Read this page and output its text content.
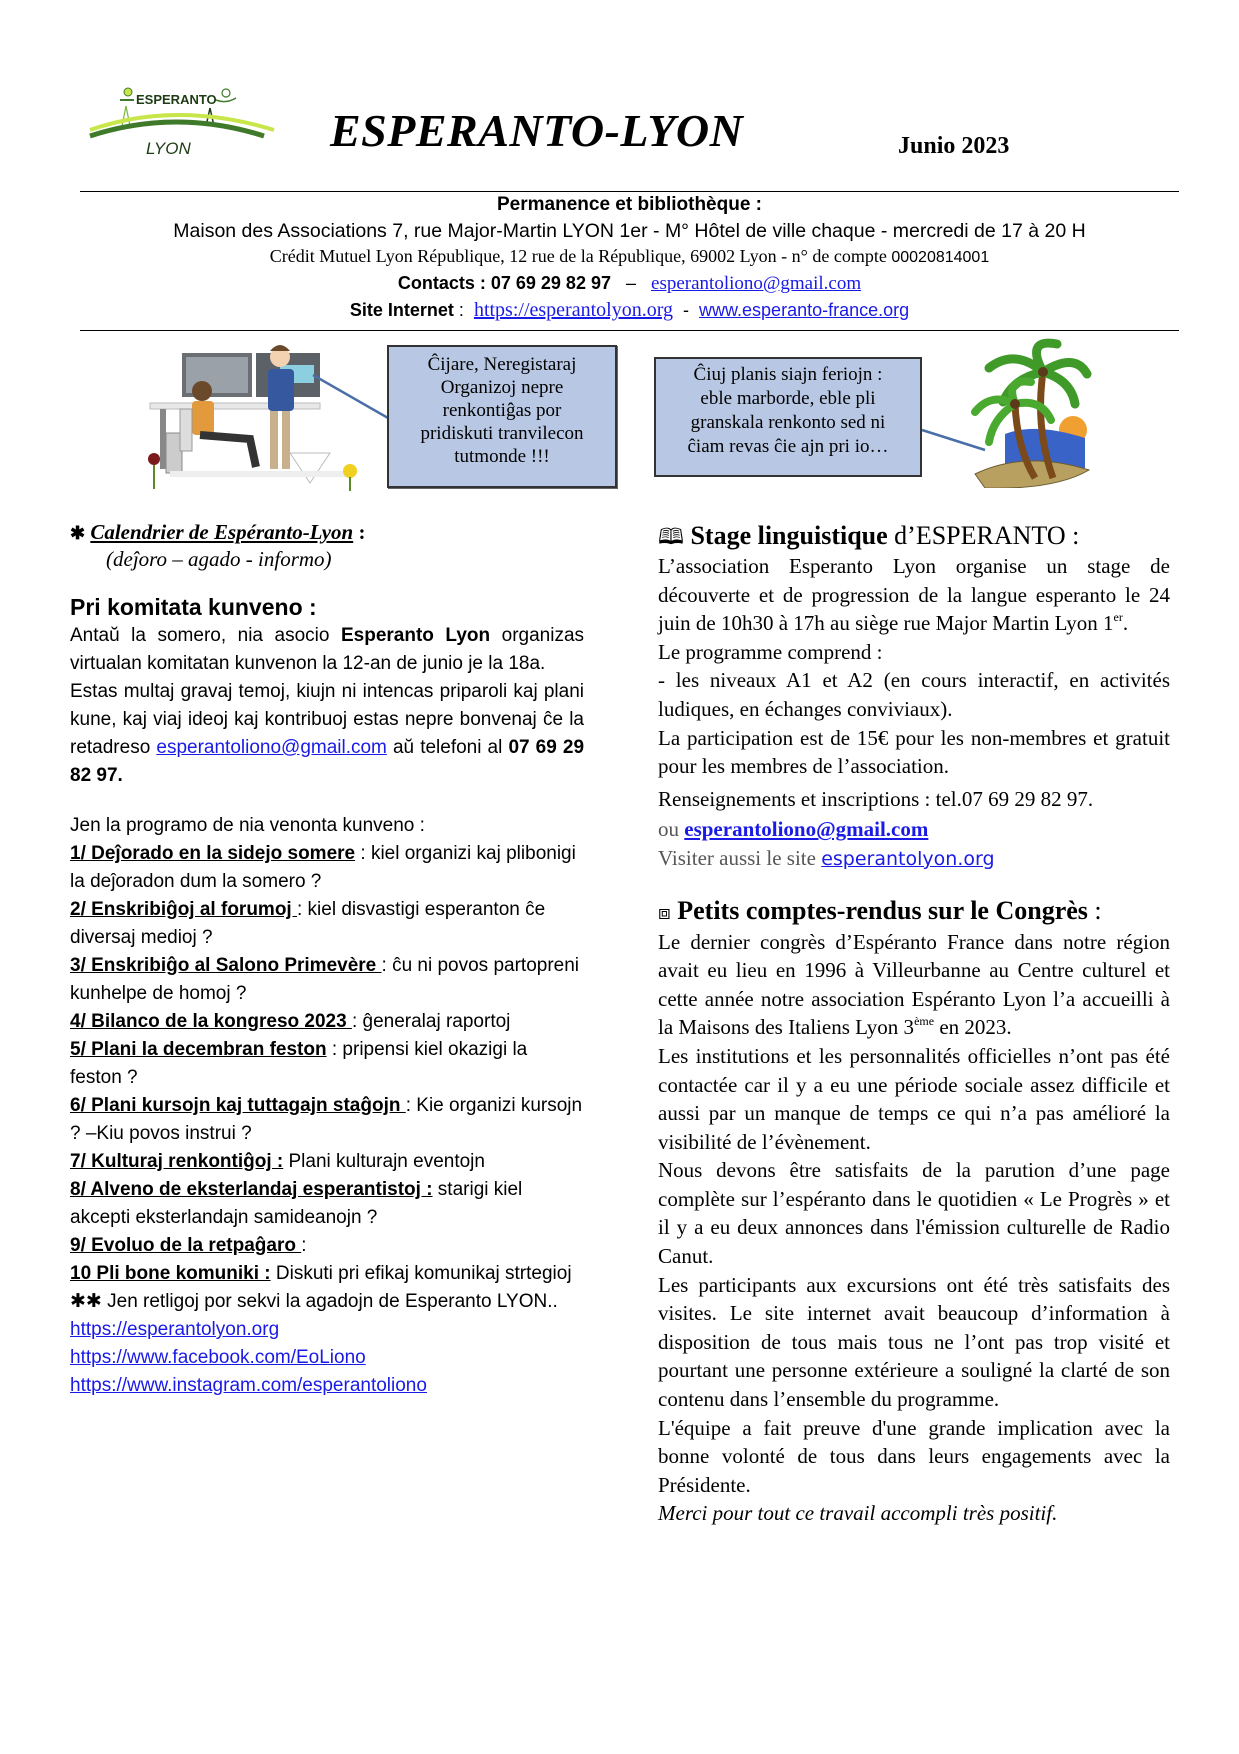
ESPERANTO
LYON	ESPERANTO-LYON	Junio 2023
Permanence et bibliothèque :
Maison des Associations 7, rue Major-Martin LYON 1er - M° Hôtel de ville chaque - mercredi de 17 à 20 H
Crédit Mutuel Lyon République, 12 rue de la République, 69002 Lyon - n° de compte 00020814001
Contacts : 07 69 29 82 97 – esperantoliono@gmail.com
Site Internet : https://esperantolyon.org - www.esperanto-france.org
Ĉijare, Neregistaraj
Organizoj nepre
renkontiĝas por
pridiskuti tranvilecon
tutmonde !!!
Ĉiuj planis siajn feriojn :
eble marborde, eble pli
granskala renkonto sed ni
ĉiam revas ĉie ajn pri io…
✱ Calendrier de Espéranto-Lyon :
(deĵoro – agado - informo)
Pri komitata kunveno :

Antaŭ la somero, nia asocio Esperanto Lyon organizas virtualan komitatan kunvenon la 12-an de junio je la 18a.

Estas multaj gravaj temoj, kiujn ni intencas priparoli kaj plani kune, kaj viaj ideoj kaj kontribuoj estas nepre bonvenaj ĉe la retadreso esperantoliono@gmail.com aŭ telefoni al 07 69 29 82 97.

Jen la programo de nia venonta kunveno :

1/ Deĵorado en la sidejo somere : kiel organizi kaj plibonigi la deĵoradon dum la somero ?

2/ Enskribiĝoj al forumoj : kiel disvastigi esperanton ĉe diversaj medioj ?

3/ Enskribiĝo al Salono Primevère : ĉu ni povos partopreni kunhelpe de homoj ?

4/ Bilanco de la kongreso 2023 : ĝeneralaj raportoj

5/ Plani la decembran feston : pripensi kiel okazigi la feston ?

6/ Plani kursojn kaj tuttagajn staĝojn : Kie organizi kursojn ? –Kiu povos instrui ?

7/ Kulturaj renkontiĝoj : Plani kulturajn eventojn

8/ Alveno de eksterlandaj esperantistoj : starigi kiel akcepti eksterlandajn samideanojn ?

9/ Evoluo de la retpaĝaro :

10 Pli bone komuniki : Diskuti pri efikaj komunikaj strtegioj

✱✱ Jen retligoj por sekvi la agadojn de Esperanto LYON..

https://esperantolyon.org

https://www.facebook.com/EoLiono

https://www.instagram.com/esperantoliono

🕮 Stage linguistique d’ESPERANTO :

L’association Esperanto Lyon organise un stage de découverte et de progression de la langue esperanto le 24 juin de 10h30 à 17h au siège rue Major Martin Lyon 1er.

Le programme comprend :

- les niveaux A1 et A2 (en cours interactif, en activités ludiques, en échanges conviviaux).

La participation est de 15€ pour les non-membres et gratuit pour les membres de l’association.

Renseignements et inscriptions : tel.07 69 29 82 97.

ou esperantoliono@gmail.com

Visiter aussi le site esperantolyon.org

⧈ Petits comptes-rendus sur le Congrès :

Le dernier congrès d’Espéranto France dans notre région avait eu lieu en 1996 à Villeurbanne au Centre culturel et cette année notre association Espéranto Lyon l’a accueilli à la Maisons des Italiens Lyon 3ème en 2023.

Les institutions et les personnalités officielles n’ont pas été contactée car il y a eu une période sociale assez difficile et aussi par un manque de temps ce qui n’a pas amélioré la visibilité de l’évènement.

Nous devons être satisfaits de la parution d’une page complète sur l’espéranto dans le quotidien « Le Progrès » et il y a eu deux annonces dans l'émission culturelle de Radio Canut.

Les participants aux excursions ont été très satisfaits des visites. Le site internet avait beaucoup d’information à disposition de tous mais tous ne l’ont pas trop visité et pourtant une personne extérieure a souligné la clarté de son contenu dans l’ensemble du programme.

L'équipe a fait preuve d'une grande implication avec la bonne volonté de tous dans leurs engagements avec la Présidente.

Merci pour tout ce travail accompli très positif.
